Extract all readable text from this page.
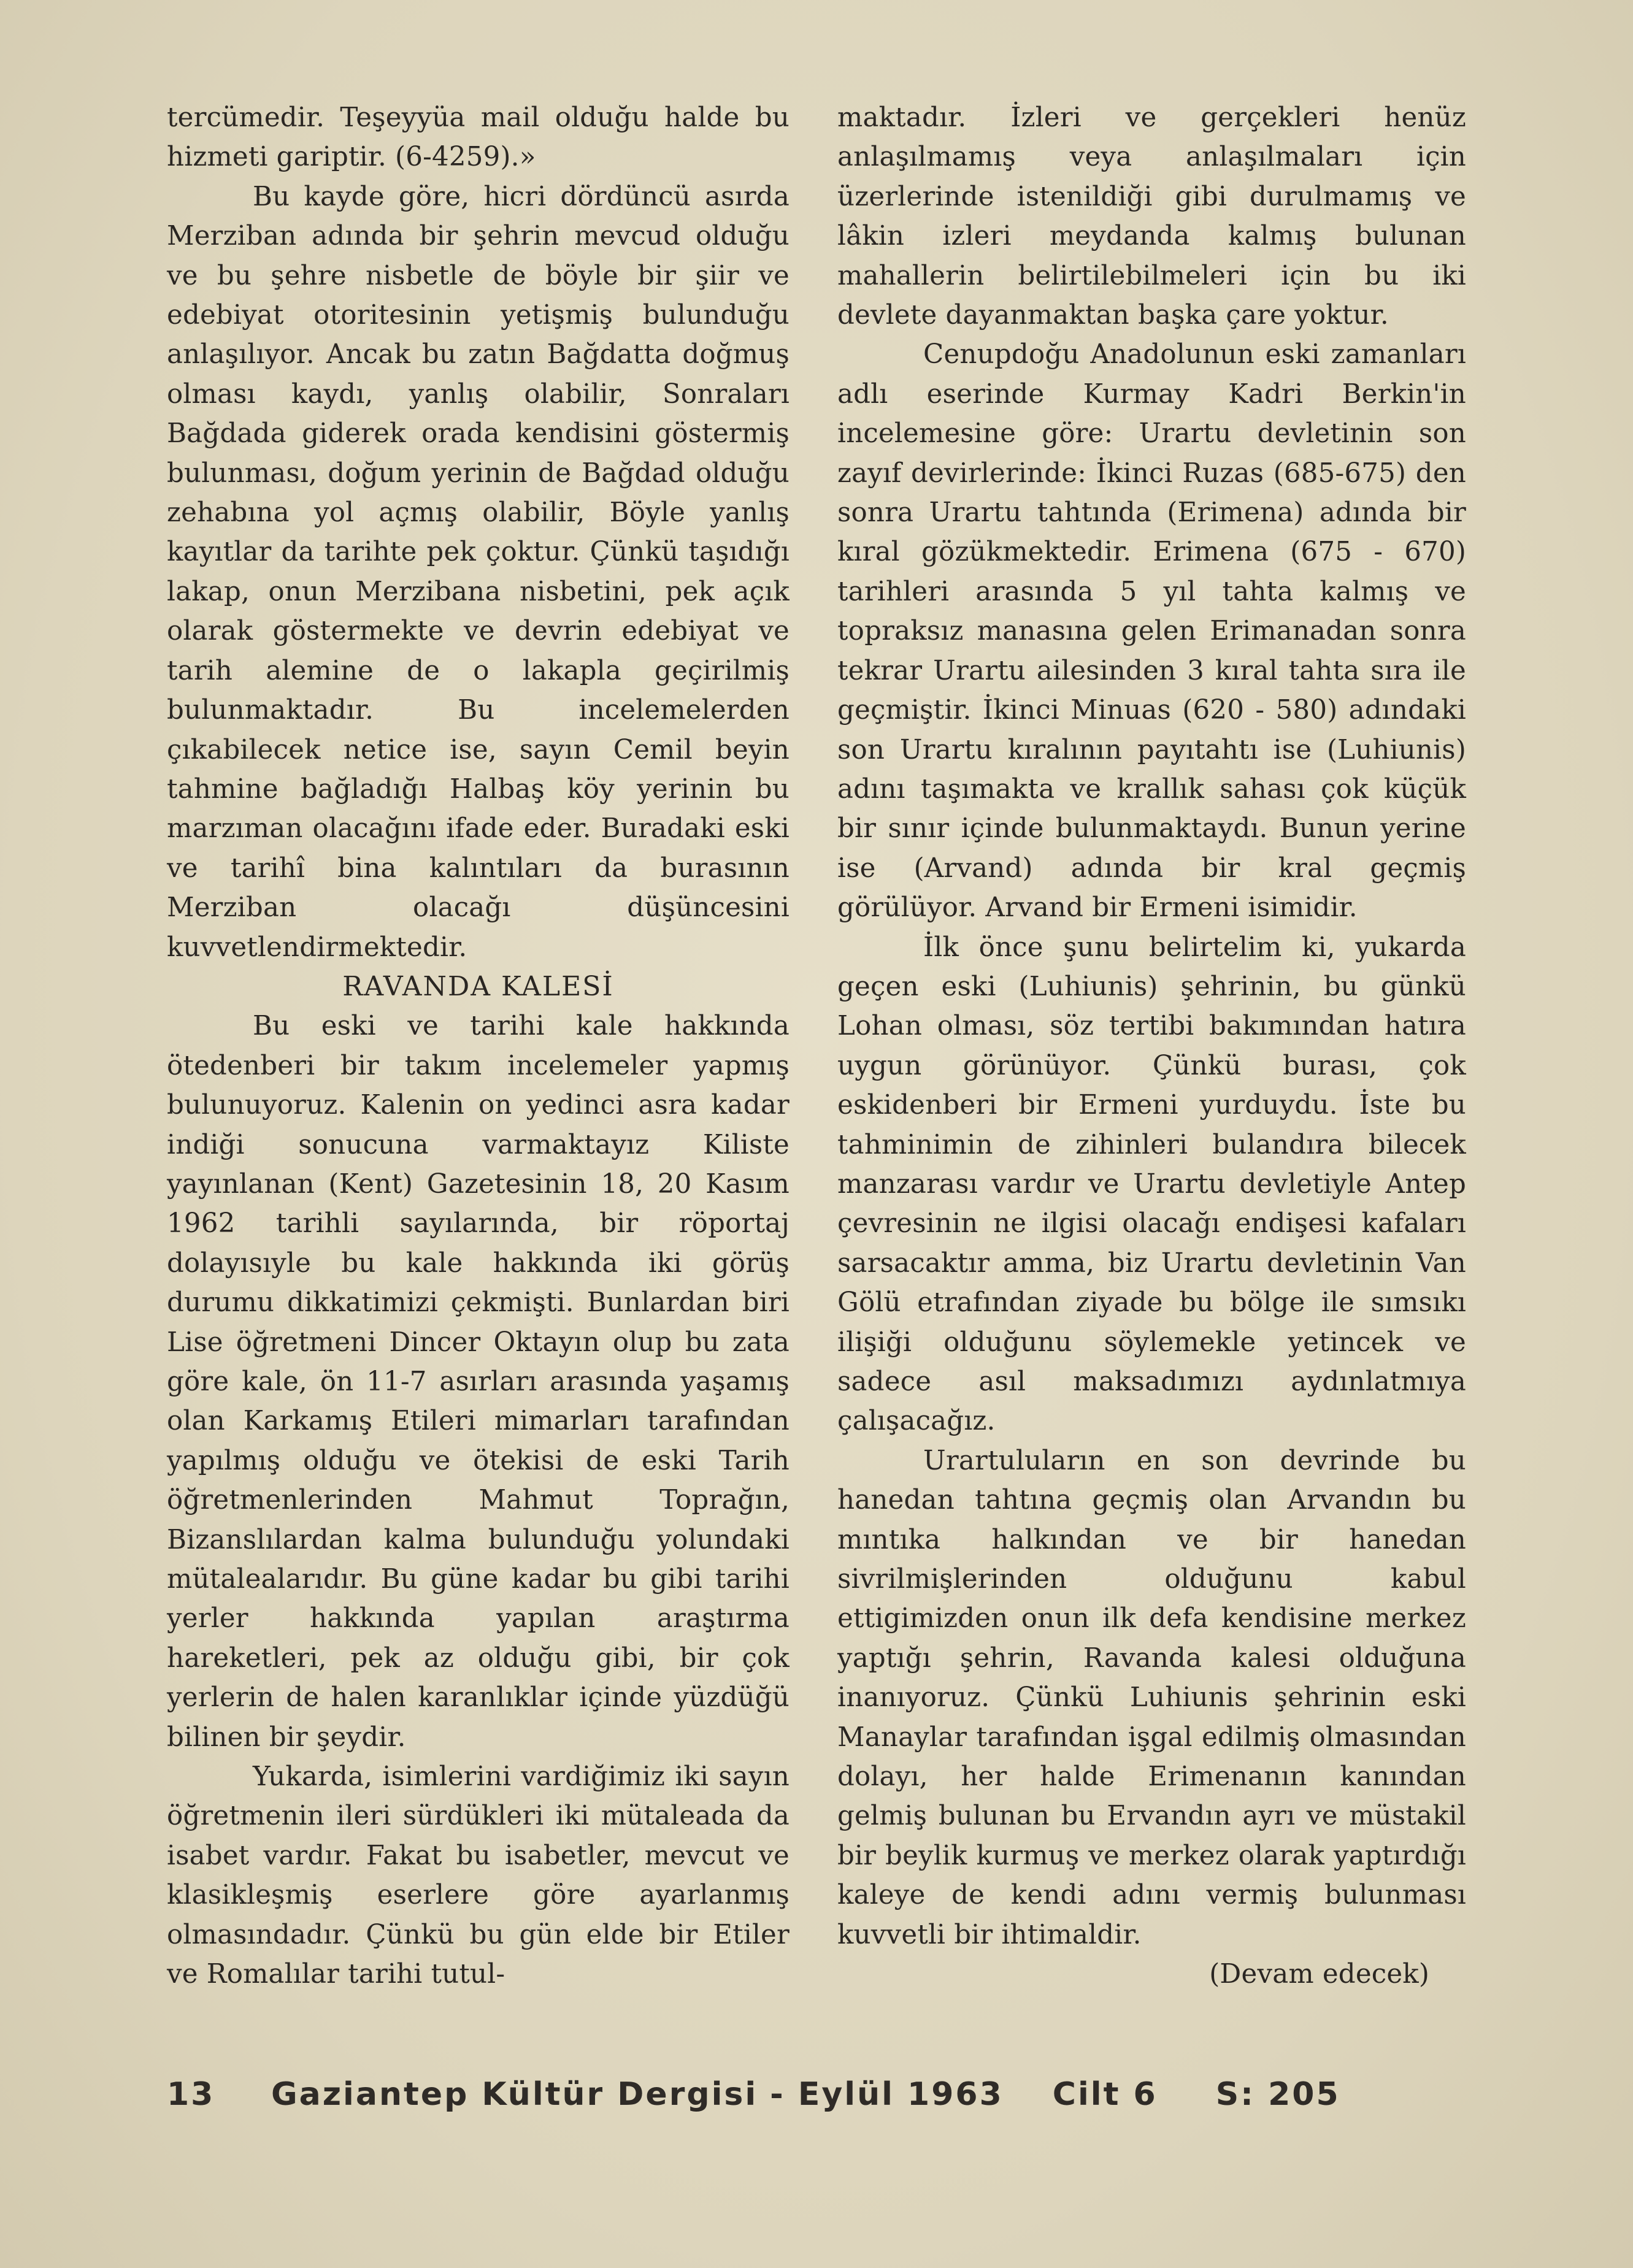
tercümedir. Teşeyyüa mail olduğu halde bu hizmeti gariptir. (6-4259).»

Bu kayde göre, hicri dördüncü asırda Merziban adında bir şehrin mevcud olduğu ve bu şehre nisbetle de böyle bir şiir ve edebiyat otoritesinin yetişmiş bulunduğu anlaşılıyor. Ancak bu zatın Bağdatta doğmuş olması kaydı, yanlış olabilir, Sonraları Bağdada giderek orada kendisini göstermiş bulunması, doğum yerinin de Bağdad olduğu zehabına yol açmış olabilir, Böyle yanlış kayıtlar da tarihte pek çoktur. Çünkü taşıdığı lakap, onun Merzibana nisbetini, pek açık olarak göstermekte ve devrin edebiyat ve tarih alemine de o lakapla geçirilmiş bulunmaktadır. Bu incelemelerden çıkabilecek netice ise, sayın Cemil beyin tahmine bağladığı Halbaş köy yerinin bu marzıman olacağını ifade eder. Buradaki eski ve tarihî bina kalıntıları da burasının Merziban olacağı düşüncesini kuvvetlendirmektedir.

RAVANDA KALESİ

Bu eski ve tarihi kale hakkında ötedenberi bir takım incelemeler yapmış bulunuyoruz. Kalenin on yedinci asra kadar indiği sonucuna varmaktayız Kiliste yayınlanan (Kent) Gazetesinin 18, 20 Kasım 1962 tarihli sayılarında, bir röportaj dolayısıyle bu kale hakkında iki görüş durumu dikkatimizi çekmişti. Bunlardan biri Lise öğretmeni Dincer Oktayın olup bu zata göre kale, ön 11-7 asırları arasında yaşamış olan Karkamış Etileri mimarları tarafından yapılmış olduğu ve ötekisi de eski Tarih öğretmenlerinden Mahmut Toprağın, Bizanslılardan kalma bulunduğu yolundaki mütalealarıdır. Bu güne kadar bu gibi tarihi yerler hakkında yapılan araştırma hareketleri, pek az olduğu gibi, bir çok yerlerin de halen karanlıklar içinde yüzdüğü bilinen bir şeydir.

Yukarda, isimlerini vardiğimiz iki sayın öğretmenin ileri sürdükleri iki mütaleada da isabet vardır. Fakat bu isabetler, mevcut ve klasikleşmiş eserlere göre ayarlanmış olmasındadır. Çünkü bu gün elde bir Etiler ve Romalılar tarihi tutul-

maktadır. İzleri ve gerçekleri henüz anlaşılmamış veya anlaşılmaları için üzerlerinde istenildiği gibi durulmamış ve lâkin izleri meydanda kalmış bulunan mahallerin belirtilebilmeleri için bu iki devlete dayanmaktan başka çare yoktur.

Cenupdoğu Anadolunun eski zamanları adlı eserinde Kurmay Kadri Berkin'in incelemesine göre: Urartu devletinin son zayıf devirlerinde: İkinci Ruzas (685-675) den sonra Urartu tahtında (Erimena) adında bir kıral gözükmektedir. Erimena (675 - 670) tarihleri arasında 5 yıl tahta kalmış ve topraksız manasına gelen Erimanadan sonra tekrar Urartu ailesinden 3 kıral tahta sıra ile geçmiştir. İkinci Minuas (620 - 580) adındaki son Urartu kıralının payıtahtı ise (Luhiunis) adını taşımakta ve krallık sahası çok küçük bir sınır içinde bulunmaktaydı. Bunun yerine ise (Arvand) adında bir kral geçmiş görülüyor. Arvand bir Ermeni isimidir.

İlk önce şunu belirtelim ki, yukarda geçen eski (Luhiunis) şehrinin, bu günkü Lohan olması, söz tertibi bakımından hatıra uygun görünüyor. Çünkü burası, çok eskidenberi bir Ermeni yurduydu. İste bu tahminimin de zihinleri bulandıra bilecek manzarası vardır ve Urartu devletiyle Antep çevresinin ne ilgisi olacağı endişesi kafaları sarsacaktır amma, biz Urartu devletinin Van Gölü etrafından ziyade bu bölge ile sımsıkı ilişiği olduğunu söylemekle yetincek ve sadece asıl maksadımızı aydınlatmıya çalışacağız.

Urartuluların en son devrinde bu hanedan tahtına geçmiş olan Arvandın bu mıntıka halkından ve bir hanedan sivrilmişlerinden olduğunu kabul ettigimizden onun ilk defa kendisine merkez yaptığı şehrin, Ravanda kalesi olduğuna inanıyoruz. Çünkü Luhiunis şehrinin eski Manaylar tarafından işgal edilmiş olmasından dolayı, her halde Erimenanın kanından gelmiş bulunan bu Ervandın ayrı ve müstakil bir beylik kurmuş ve merkez olarak yaptırdığı kaleye de kendi adını vermiş bulunması kuvvetli bir ihtimaldir.

(Devam edecek)

13	Gaziantep Kültür Dergisi - Eylül 1963 Cilt 6 S: 205
